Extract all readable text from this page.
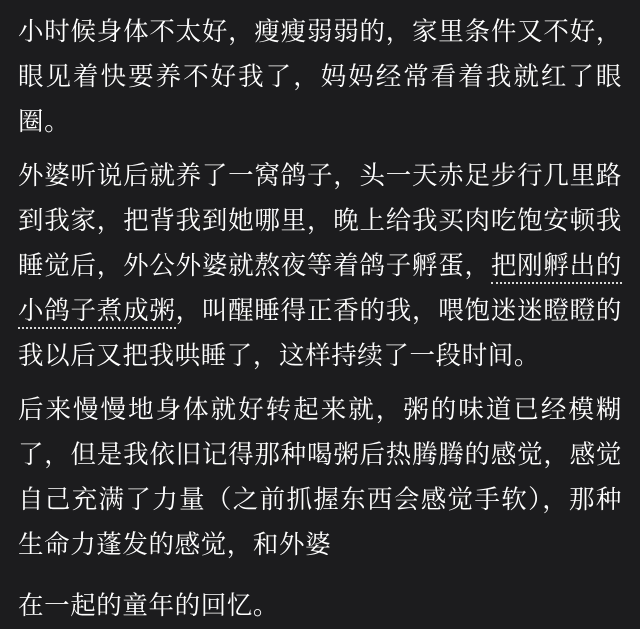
小时候身体不太好，瘦瘦弱弱的，家里条件又不好，眼见着快要养不好我了，妈妈经常看着我就红了眼圈。

外婆听说后就养了一窝鸽子，头一天赤足步行几里路到我家，把背我到她哪里，晚上给我买肉吃饱安顿我睡觉后，外公外婆就熬夜等着鸽子孵蛋，把刚孵出的小鸽子煮成粥，叫醒睡得正香的我，喂饱迷迷瞪瞪的我以后又把我哄睡了，这样持续了一段时间。

后来慢慢地身体就好转起来就，粥的味道已经模糊了，但是我依旧记得那种喝粥后热腾腾的感觉，感觉自己充满了力量（之前抓握东西会感觉手软），那种生命力蓬发的感觉，和外婆

在一起的童年的回忆。
